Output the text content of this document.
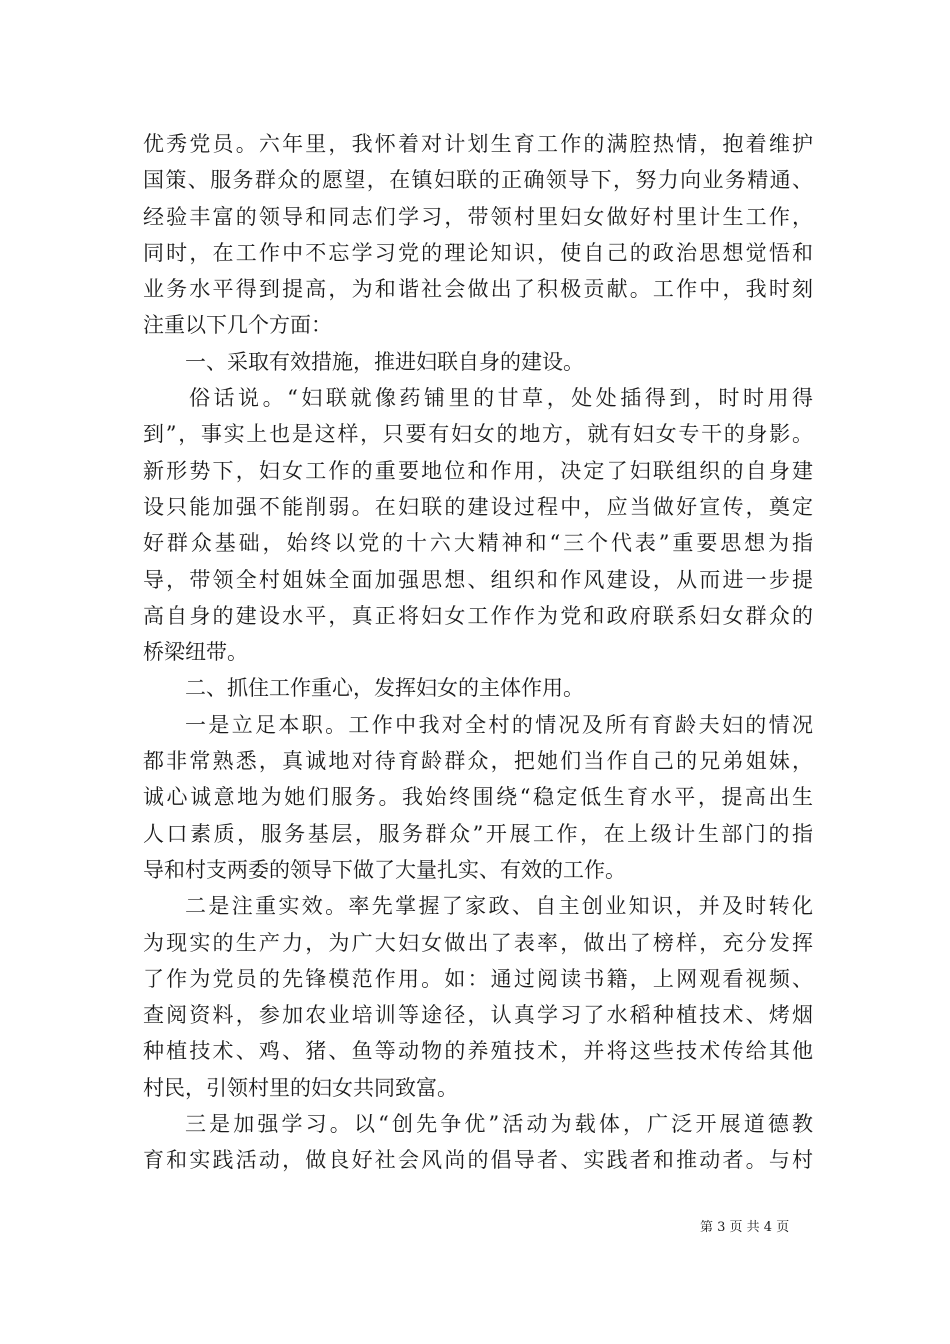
优秀党员。六年里，我怀着对计划生育工作的满腔热情，抱着维护
国策、服务群众的愿望，在镇妇联的正确领导下，努力向业务精通、
经验丰富的领导和同志们学习，带领村里妇女做好村里计生工作，
同时，在工作中不忘学习党的理论知识，使自己的政治思想觉悟和
业务水平得到提高，为和谐社会做出了积极贡献。工作中，我时刻
注重以下几个方面：
一、采取有效措施，推进妇联自身的建设。
俗话说。“妇联就像药铺里的甘草，处处插得到，时时用得
到”，事实上也是这样，只要有妇女的地方，就有妇女专干的身影。
新形势下，妇女工作的重要地位和作用，决定了妇联组织的自身建
设只能加强不能削弱。在妇联的建设过程中，应当做好宣传，奠定
好群众基础，始终以党的十六大精神和“三个代表”重要思想为指
导，带领全村姐妹全面加强思想、组织和作风建设，从而进一步提
高自身的建设水平，真正将妇女工作作为党和政府联系妇女群众的
桥梁纽带。
二、抓住工作重心，发挥妇女的主体作用。
一是立足本职。工作中我对全村的情况及所有育龄夫妇的情况
都非常熟悉，真诚地对待育龄群众，把她们当作自己的兄弟姐妹，
诚心诚意地为她们服务。我始终围绕“稳定低生育水平，提高出生
人口素质，服务基层，服务群众”开展工作，在上级计生部门的指
导和村支两委的领导下做了大量扎实、有效的工作。
二是注重实效。率先掌握了家政、自主创业知识，并及时转化
为现实的生产力，为广大妇女做出了表率，做出了榜样，充分发挥
了作为党员的先锋模范作用。如：通过阅读书籍，上网观看视频、
查阅资料，参加农业培训等途径，认真学习了水稻种植技术、烤烟
种植技术、鸡、猪、鱼等动物的养殖技术，并将这些技术传给其他
村民，引领村里的妇女共同致富。
三是加强学习。以“创先争优”活动为载体，广泛开展道德教
育和实践活动，做良好社会风尚的倡导者、实践者和推动者。与村
第 3 页 共 4 页
